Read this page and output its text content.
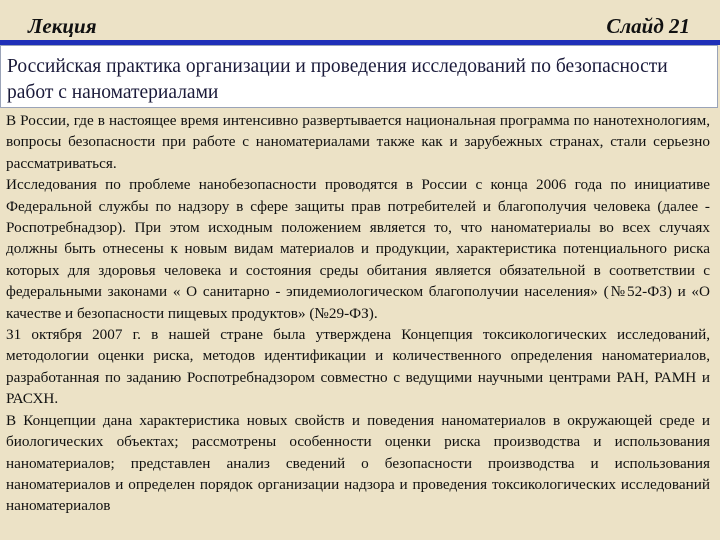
Лекция	Слайд 21
Российская практика организации и проведения исследований по безопасности работ с наноматериалами

В России, где в настоящее время интенсивно развертывается национальная программа по нанотехнологиям, вопросы безопасности при работе с наноматериалами также как и зарубежных странах, стали серьезно рассматриваться.

Исследования по проблеме нанобезопасности проводятся в России с конца 2006 года по инициативе Федеральной службы по надзору в сфере защиты прав потребителей и благополучия человека (далее - Роспотребнадзор). При этом исходным положением является то, что наноматериалы во всех случаях должны быть отнесены к новым видам материалов и продукции, характеристика потенциального риска которых для здоровья человека и состояния среды обитания является обязательной в соответствии с федеральными законами « О санитарно - эпидемиологическом благополучии населения» (№52-ФЗ) и «О качестве и безопасности пищевых продуктов» (№29-ФЗ).

31 октября 2007 г. в нашей стране была утверждена Концепция токсикологических исследований, методологии оценки риска, методов идентификации и количественного определения наноматериалов, разработанная по заданию Роспотребнадзором совместно с ведущими научными центрами РАН, РАМН и РАСХН.

В Концепции дана характеристика новых свойств и поведения наноматериалов в окружающей среде и биологических объектах; рассмотрены особенности оценки риска производства и использования наноматериалов; представлен анализ сведений о безопасности производства и использования наноматериалов и определен порядок организации надзора и проведения токсикологических исследований наноматериалов
